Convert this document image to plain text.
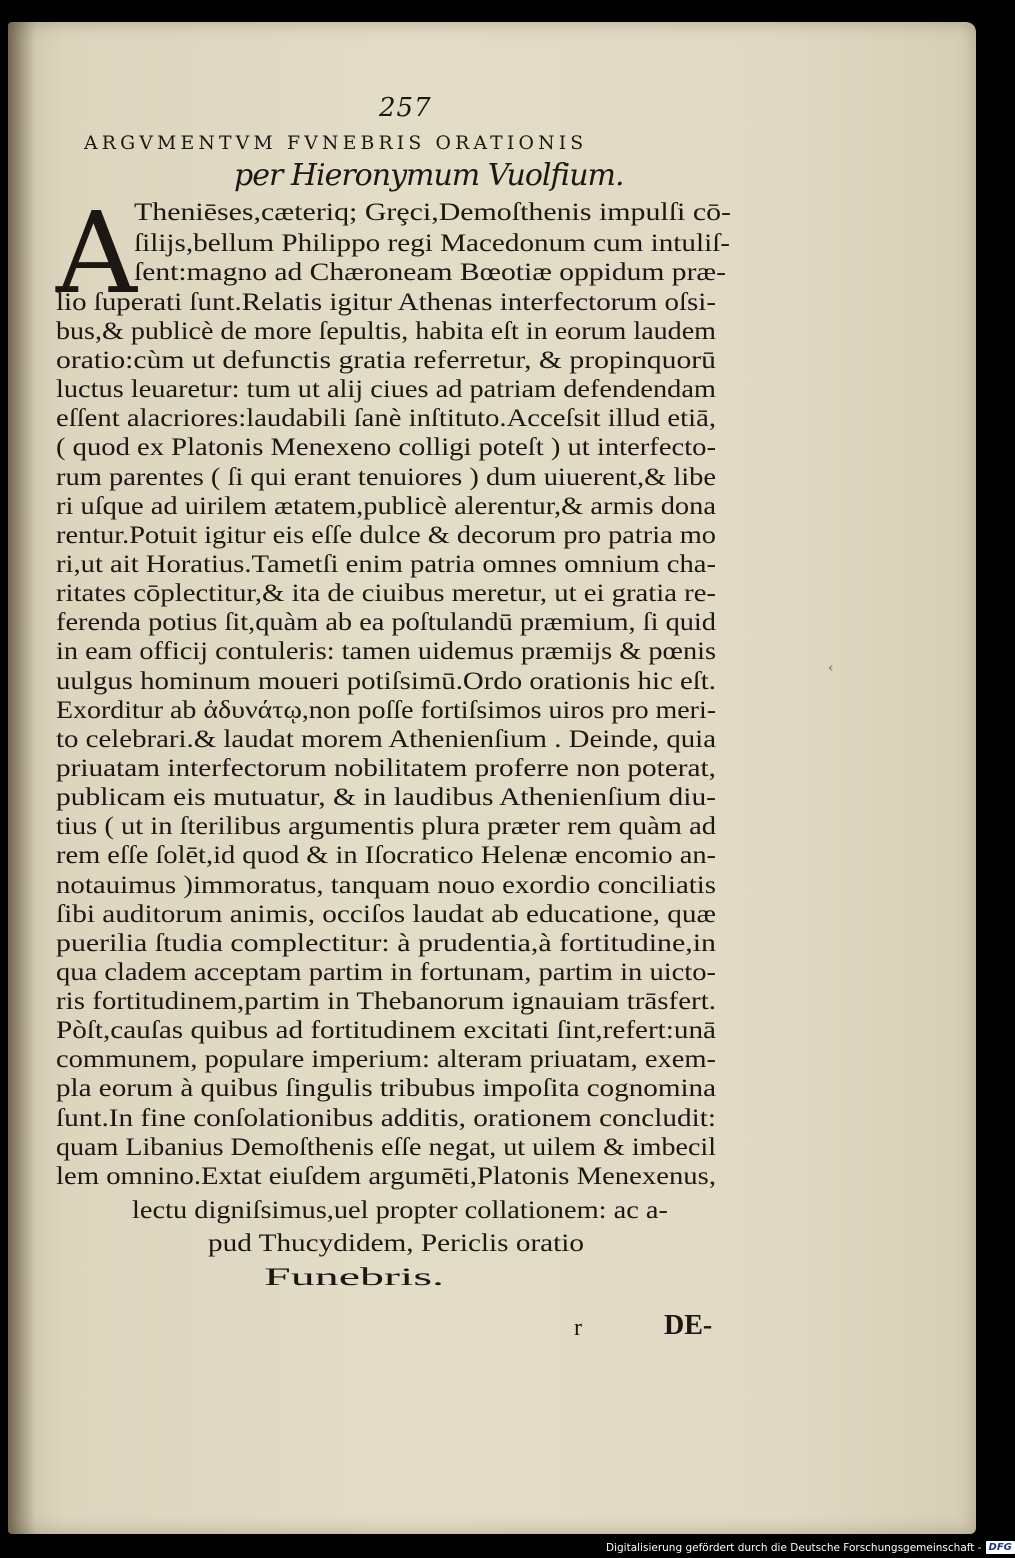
257
ARGVMENTVM FVNEBRIS ORATIONIS
per Hieronymum Vuolfium.
A
Theniēses,cæteriq; Grȩci,Demoſthenis impulſi cō-
ſilijs,bellum Philippo regi Macedonum cum intuliſ-
ſent:magno ad Chæroneam Bœotiæ oppidum præ-
lio ſuperati ſunt.Relatis igitur Athenas interfectorum oſsi-
bus,& publicè de more ſepultis, habita eſt in eorum laudem
oratio:cùm ut defunctis gratia referretur, & propinquorū
luctus leuaretur: tum ut alij ciues ad patriam defendendam
eſſent alacriores:laudabili ſanè inſtituto.Acceſsit illud etiā,
( quod ex Platonis Menexeno colligi poteſt ) ut interfecto-
rum parentes ( ſi qui erant tenuiores ) dum uiuerent,& libe
ri uſque ad uirilem ætatem,publicè alerentur,& armis dona
rentur.Potuit igitur eis eſſe dulce & decorum pro patria mo
ri,ut ait Horatius.Tametſi enim patria omnes omnium cha-
ritates cōplectitur,& ita de ciuibus meretur, ut ei gratia re-
ferenda potius ſit,quàm ab ea poſtulandū præmium, ſi quid
in eam officij contuleris: tamen uidemus præmijs & pœnis
uulgus hominum moueri potiſsimū.Ordo orationis hic eſt.
Exorditur ab ἀδυνάτῳ,non poſſe fortiſsimos uiros pro meri-
to celebrari.& laudat morem Athenienſium . Deinde, quia
priuatam interfectorum nobilitatem proferre non poterat,
publicam eis mutuatur, & in laudibus Athenienſium diu-
tius ( ut in ſterilibus argumentis plura præter rem quàm ad
rem eſſe ſolēt,id quod & in Iſocratico Helenæ encomio an-
notauimus )immoratus, tanquam nouo exordio conciliatis
ſibi auditorum animis, occiſos laudat ab educatione, quæ
puerilia ſtudia complectitur: à prudentia,à fortitudine,in
qua cladem acceptam partim in fortunam, partim in uicto-
ris fortitudinem,partim in Thebanorum ignauiam trāsfert.
Pòſt,cauſas quibus ad fortitudinem excitati ſint,refert:unā
communem, populare imperium: alteram priuatam, exem-
pla eorum à quibus ſingulis tribubus impoſita cognomina
ſunt.In fine conſolationibus additis, orationem concludit:
quam Libanius Demoſthenis eſſe negat, ut uilem & imbecil
lem omnino.Extat eiuſdem argumēti,Platonis Menexenus,
lectu digniſsimus,uel propter collationem: ac a-
pud Thucydidem, Periclis oratio
Funebris.
‹
r	DE-
Digitalisierung gefördert durch die Deutsche Forschungsgemeinschaft - DFG
